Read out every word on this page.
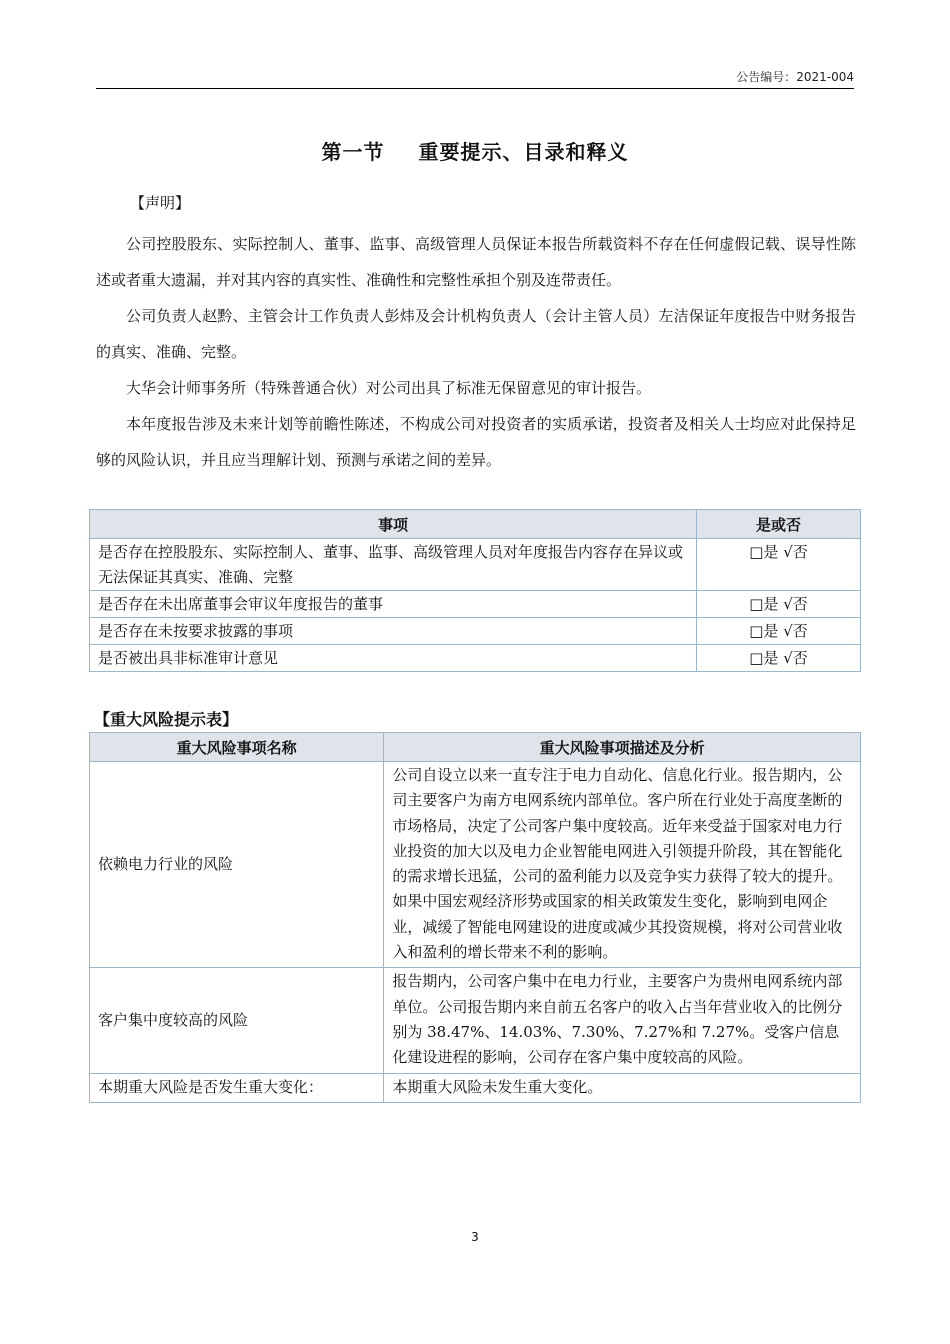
公告编号：2021-004
第一节 重要提示、目录和释义
【声明】

公司控股股东、实际控制人、董事、监事、高级管理人员保证本报告所载资料不存在任何虚假记载、误导性陈述或者重大遗漏，并对其内容的真实性、准确性和完整性承担个别及连带责任。

公司负责人赵黔、主管会计工作负责人彭炜及会计机构负责人（会计主管人员）左洁保证年度报告中财务报告的真实、准确、完整。

大华会计师事务所（特殊普通合伙）对公司出具了标准无保留意见的审计报告。

本年度报告涉及未来计划等前瞻性陈述，不构成公司对投资者的实质承诺，投资者及相关人士均应对此保持足够的风险认识，并且应当理解计划、预测与承诺之间的差异。

事项	是或否
是否存在控股股东、实际控制人、董事、监事、高级管理人员对年度报告内容存在异议或无法保证其真实、准确、完整	□是 √否
是否存在未出席董事会审议年度报告的董事	□是 √否
是否存在未按要求披露的事项	□是 √否
是否被出具非标准审计意见	□是 √否
【重大风险提示表】
重大风险事项名称	重大风险事项描述及分析
依赖电力行业的风险	公司自设立以来一直专注于电力自动化、信息化行业。报告期内，公司主要客户为南方电网系统内部单位。客户所在行业处于高度垄断的市场格局，决定了公司客户集中度较高。近年来受益于国家对电力行业投资的加大以及电力企业智能电网进入引领提升阶段，其在智能化的需求增长迅猛，公司的盈利能力以及竞争实力获得了较大的提升。如果中国宏观经济形势或国家的相关政策发生变化，影响到电网企业，减缓了智能电网建设的进度或减少其投资规模，将对公司营业收入和盈利的增长带来不利的影响。
客户集中度较高的风险	报告期内，公司客户集中在电力行业，主要客户为贵州电网系统内部单位。公司报告期内来自前五名客户的收入占当年营业收入的比例分别为 38.47%、14.03%、7.30%、7.27%和 7.27%。受客户信息化建设进程的影响，公司存在客户集中度较高的风险。
本期重大风险是否发生重大变化：	本期重大风险未发生重大变化。
3
